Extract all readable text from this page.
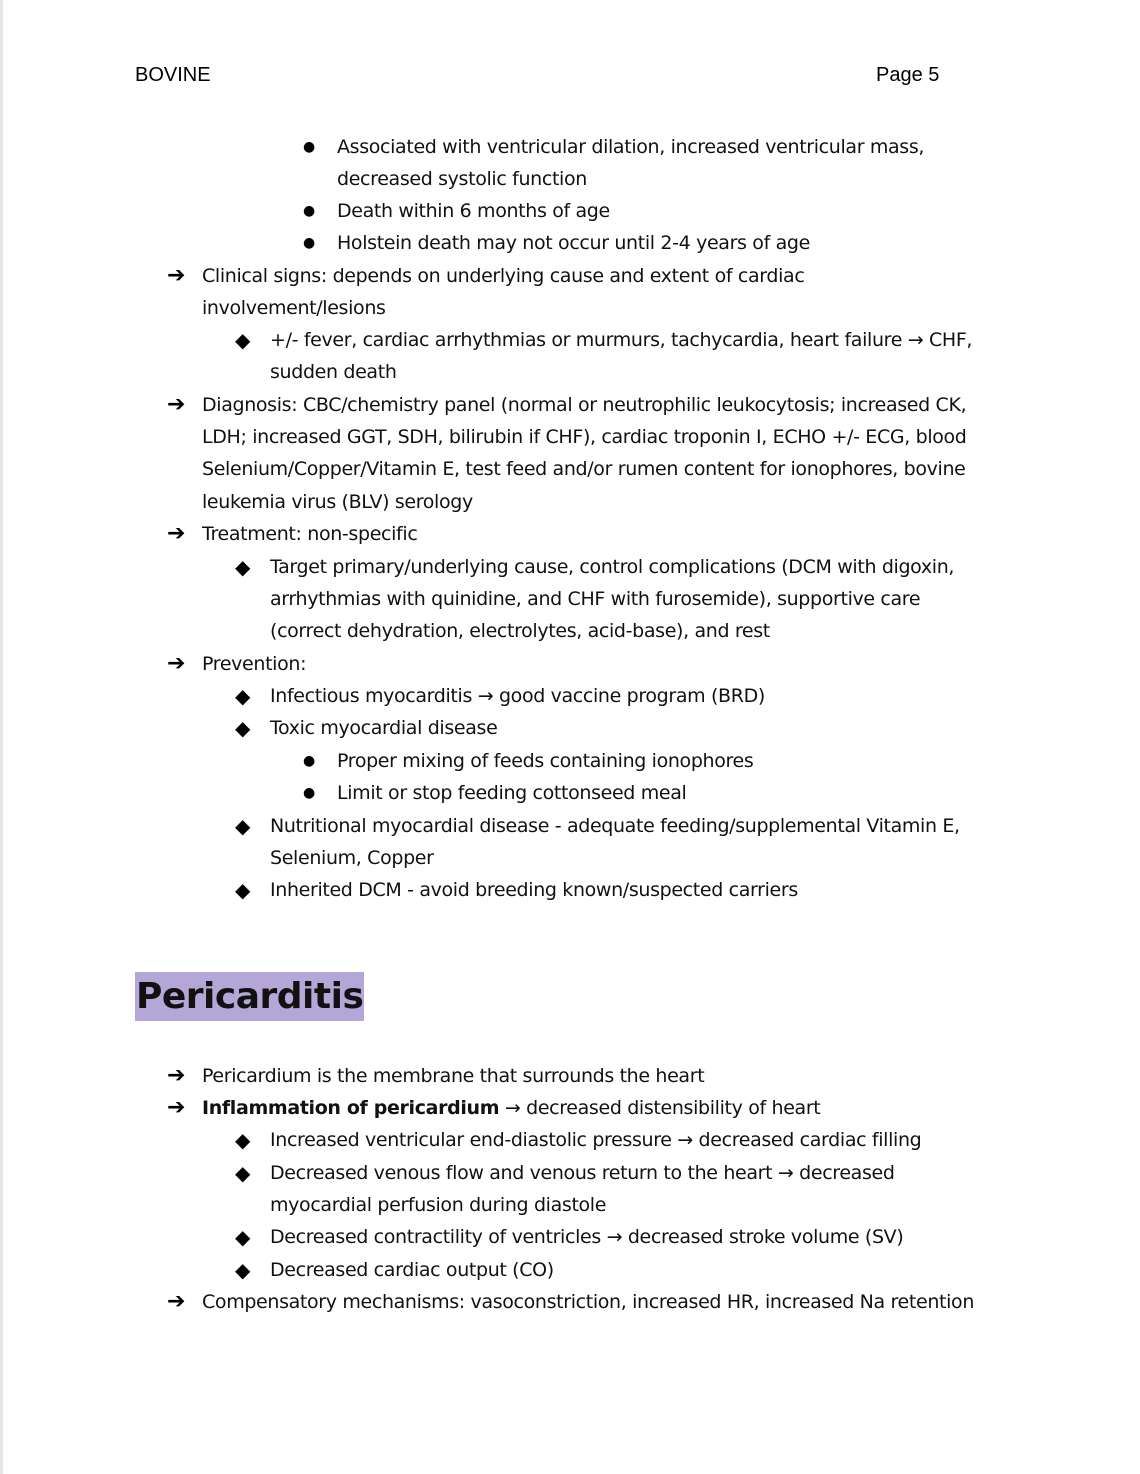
BOVINE	Page 5
● Associated with ventricular dilation, increased ventricular mass,
decreased systolic function
● Death within 6 months of age
● Holstein death may not occur until 2-4 years of age
➔ Clinical signs: depends on underlying cause and extent of cardiac
involvement/lesions
◆ +/- fever, cardiac arrhythmias or murmurs, tachycardia, heart failure → CHF,
sudden death
➔ Diagnosis: CBC/chemistry panel (normal or neutrophilic leukocytosis; increased CK,
LDH; increased GGT, SDH, bilirubin if CHF), cardiac troponin I, ECHO +/- ECG, blood
Selenium/Copper/Vitamin E, test feed and/or rumen content for ionophores, bovine
leukemia virus (BLV) serology
➔ Treatment: non-specific
◆ Target primary/underlying cause, control complications (DCM with digoxin,
arrhythmias with quinidine, and CHF with furosemide), supportive care
(correct dehydration, electrolytes, acid-base), and rest
➔ Prevention:
◆ Infectious myocarditis → good vaccine program (BRD)
◆ Toxic myocardial disease
● Proper mixing of feeds containing ionophores
● Limit or stop feeding cottonseed meal
◆ Nutritional myocardial disease - adequate feeding/supplemental Vitamin E,
Selenium, Copper
◆ Inherited DCM - avoid breeding known/suspected carriers
Pericarditis
➔ Pericardium is the membrane that surrounds the heart
➔ Inflammation of pericardium → decreased distensibility of heart
◆ Increased ventricular end-diastolic pressure → decreased cardiac filling
◆ Decreased venous flow and venous return to the heart → decreased
myocardial perfusion during diastole
◆ Decreased contractility of ventricles → decreased stroke volume (SV)
◆ Decreased cardiac output (CO)
➔ Compensatory mechanisms: vasoconstriction, increased HR, increased Na retention
